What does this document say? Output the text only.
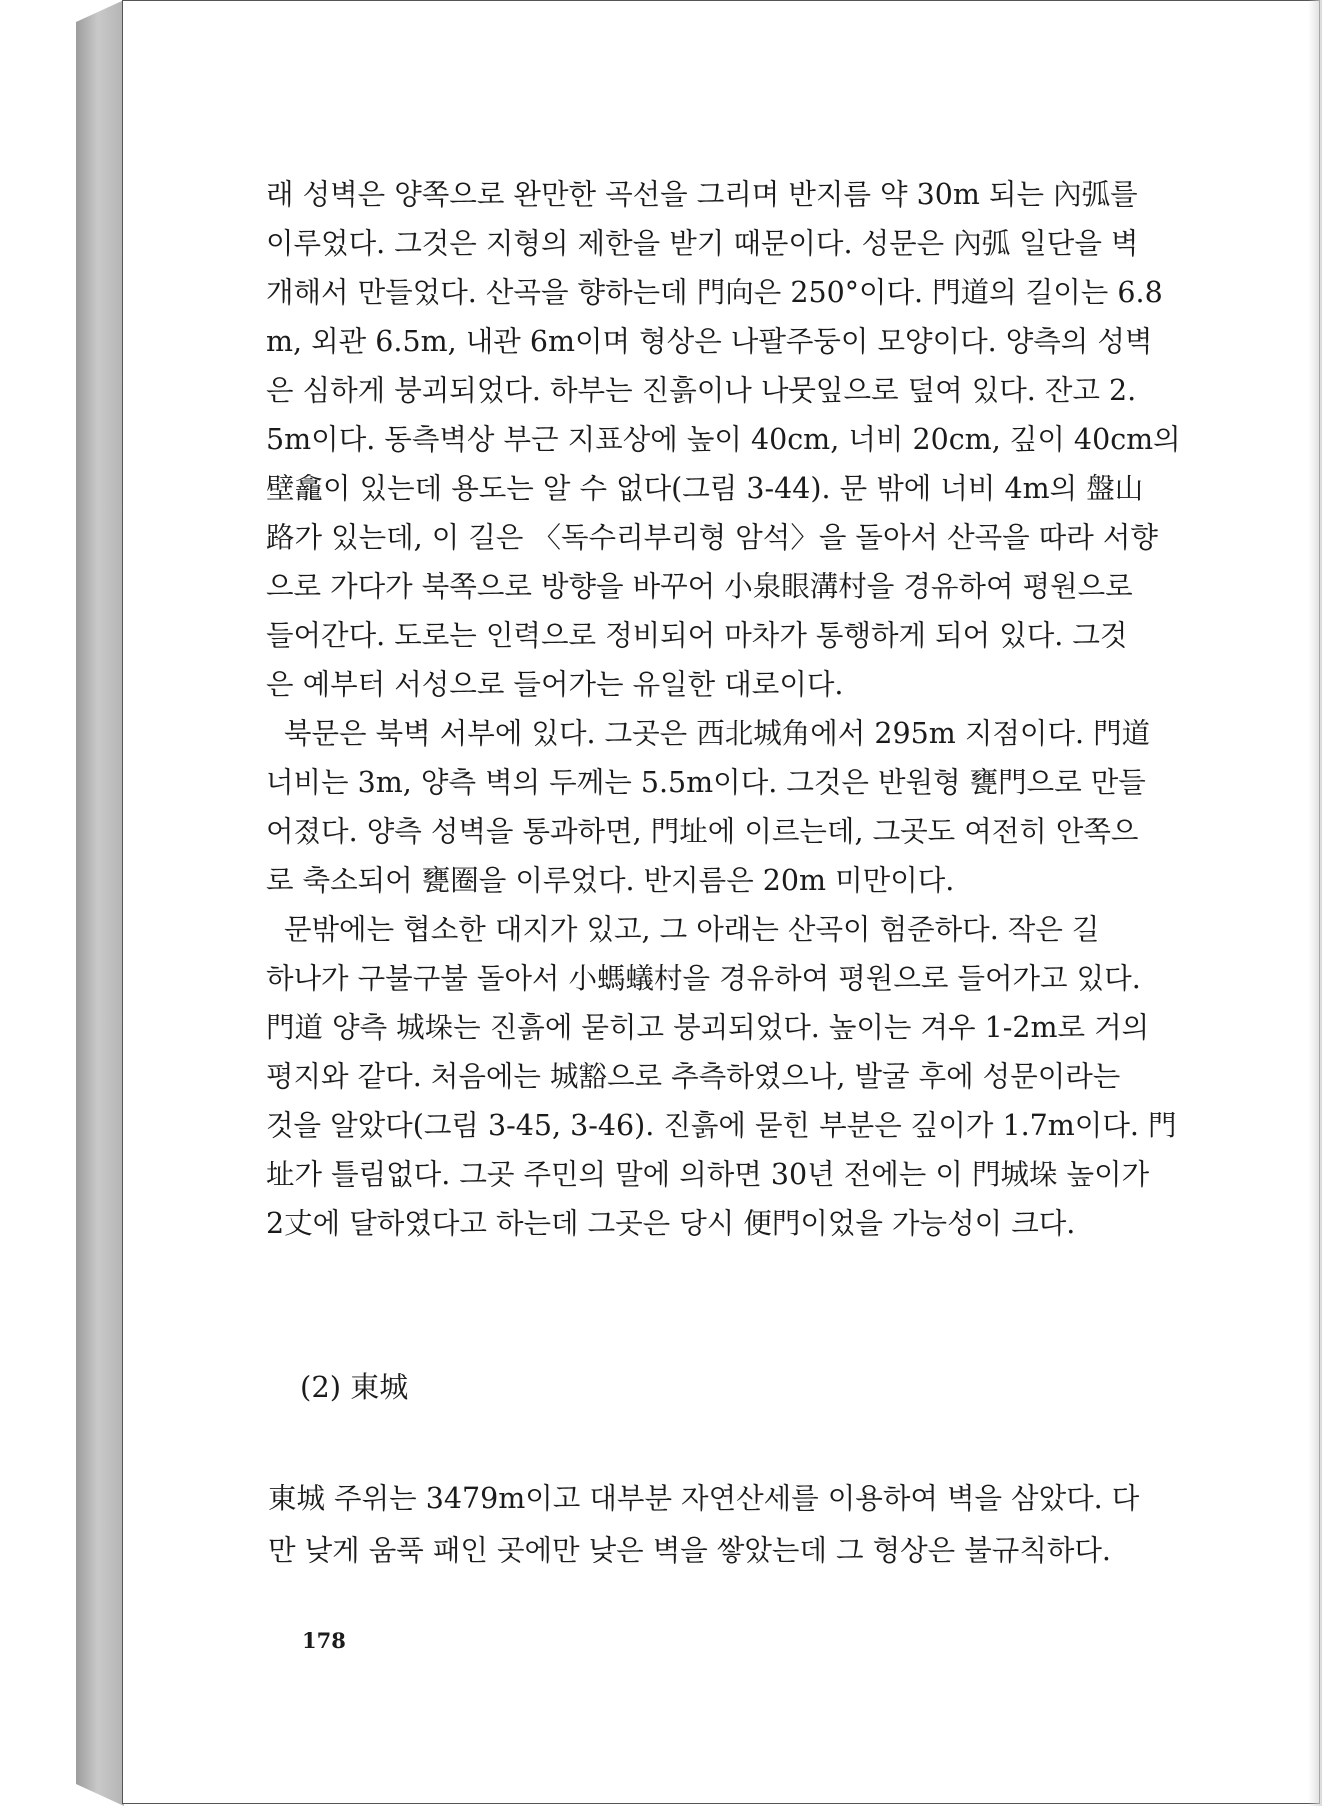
래 성벽은 양쪽으로 완만한 곡선을 그리며 반지름 약 30m 되는 內弧를

이루었다. 그것은 지형의 제한을 받기 때문이다. 성문은 內弧 일단을 벽

개해서 만들었다. 산곡을 향하는데 門向은 250°이다. 門道의 길이는 6.8

m, 외관 6.5m, 내관 6m이며 형상은 나팔주둥이 모양이다. 양측의 성벽

은 심하게 붕괴되었다. 하부는 진흙이나 나뭇잎으로 덮여 있다. 잔고 2.

5m이다. 동측벽상 부근 지표상에 높이 40cm, 너비 20cm, 깊이 40cm의

壁龕이 있는데 용도는 알 수 없다(그림 3-44). 문 밖에 너비 4m의 盤山

路가 있는데, 이 길은 〈독수리부리형 암석〉을 돌아서 산곡을 따라 서향

으로 가다가 북쪽으로 방향을 바꾸어 小泉眼溝村을 경유하여 평원으로

들어간다. 도로는 인력으로 정비되어 마차가 통행하게 되어 있다. 그것

은 예부터 서성으로 들어가는 유일한 대로이다.

북문은 북벽 서부에 있다. 그곳은 西北城角에서 295m 지점이다. 門道

너비는 3m, 양측 벽의 두께는 5.5m이다. 그것은 반원형 甕門으로 만들

어졌다. 양측 성벽을 통과하면, 門址에 이르는데, 그곳도 여전히 안쪽으

로 축소되어 甕圈을 이루었다. 반지름은 20m 미만이다.

문밖에는 협소한 대지가 있고, 그 아래는 산곡이 험준하다. 작은 길

하나가 구불구불 돌아서 小螞蟻村을 경유하여 평원으로 들어가고 있다.

門道 양측 城垛는 진흙에 묻히고 붕괴되었다. 높이는 겨우 1-2m로 거의

평지와 같다. 처음에는 城豁으로 추측하였으나, 발굴 후에 성문이라는

것을 알았다(그림 3-45, 3-46). 진흙에 묻힌 부분은 깊이가 1.7m이다. 門

址가 틀림없다. 그곳 주민의 말에 의하면 30년 전에는 이 門城垛 높이가

2丈에 달하였다고 하는데 그곳은 당시 便門이었을 가능성이 크다.

(2) 東城

東城 주위는 3479m이고 대부분 자연산세를 이용하여 벽을 삼았다. 다

만 낮게 움푹 패인 곳에만 낮은 벽을 쌓았는데 그 형상은 불규칙하다.

178
